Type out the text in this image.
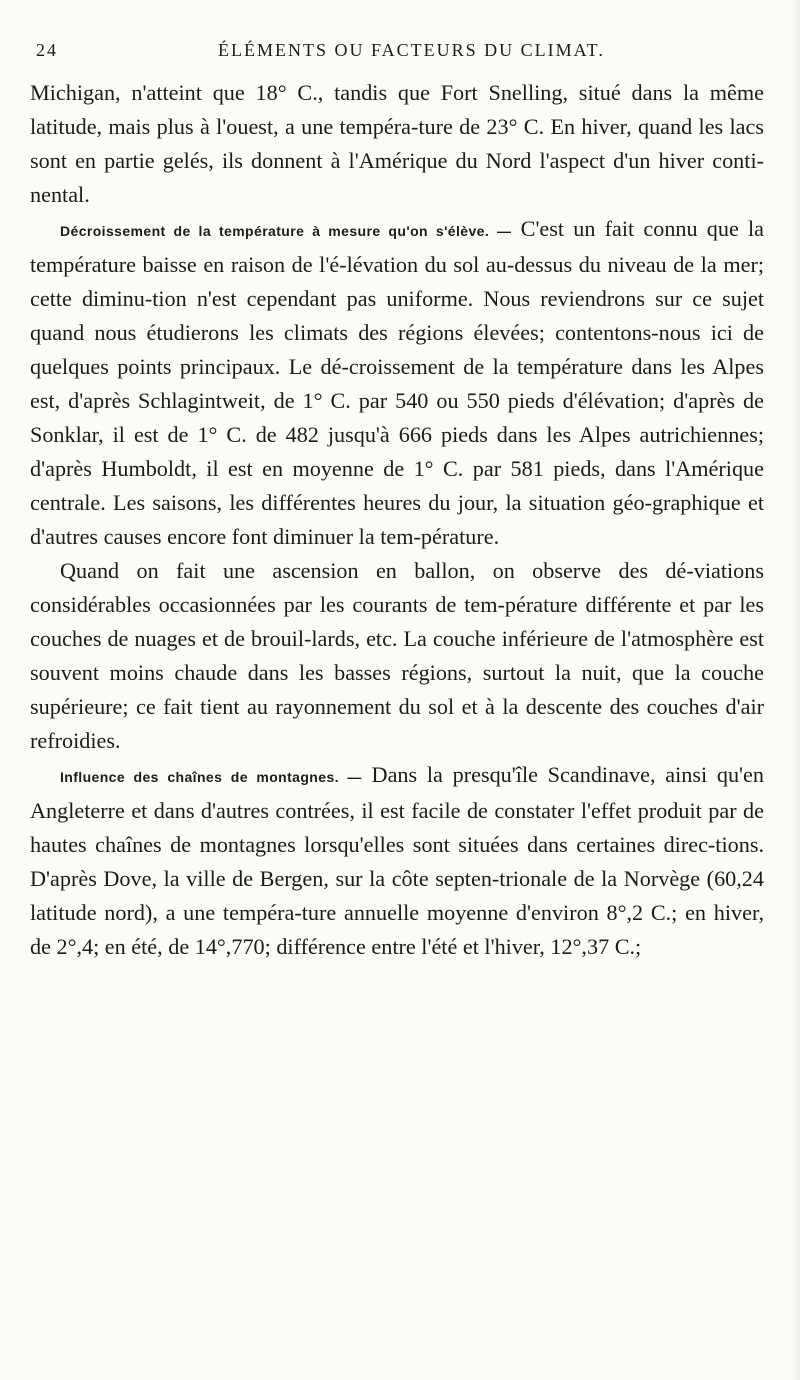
24	ÉLÉMENTS OU FACTEURS DU CLIMAT.

Michigan, n'atteint que 18° C., tandis que Fort Snelling, situé dans la même latitude, mais plus à l'ouest, a une tempéra-ture de 23° C. En hiver, quand les lacs sont en partie gelés, ils donnent à l'Amérique du Nord l'aspect d'un hiver conti-nental.

Décroissement de la température à mesure qu'on s'élève. — C'est un fait connu que la température baisse en raison de l'é-lévation du sol au-dessus du niveau de la mer; cette diminu-tion n'est cependant pas uniforme. Nous reviendrons sur ce sujet quand nous étudierons les climats des régions élevées; contentons-nous ici de quelques points principaux. Le dé-croissement de la température dans les Alpes est, d'après Schlagintweit, de 1° C. par 540 ou 550 pieds d'élévation; d'après de Sonklar, il est de 1° C. de 482 jusqu'à 666 pieds dans les Alpes autrichiennes; d'après Humboldt, il est en moyenne de 1° C. par 581 pieds, dans l'Amérique centrale. Les saisons, les différentes heures du jour, la situation géo-graphique et d'autres causes encore font diminuer la tem-pérature.

Quand on fait une ascension en ballon, on observe des dé-viations considérables occasionnées par les courants de tem-pérature différente et par les couches de nuages et de brouil-lards, etc. La couche inférieure de l'atmosphère est souvent moins chaude dans les basses régions, surtout la nuit, que la couche supérieure; ce fait tient au rayonnement du sol et à la descente des couches d'air refroidies.

Influence des chaînes de montagnes. — Dans la presqu'île Scandinave, ainsi qu'en Angleterre et dans d'autres contrées, il est facile de constater l'effet produit par de hautes chaînes de montagnes lorsqu'elles sont situées dans certaines direc-tions. D'après Dove, la ville de Bergen, sur la côte septen-trionale de la Norvège (60,24 latitude nord), a une tempéra-ture annuelle moyenne d'environ 8°,2 C.; en hiver, de 2°,4; en été, de 14°,770; différence entre l'été et l'hiver, 12°,37 C.;
